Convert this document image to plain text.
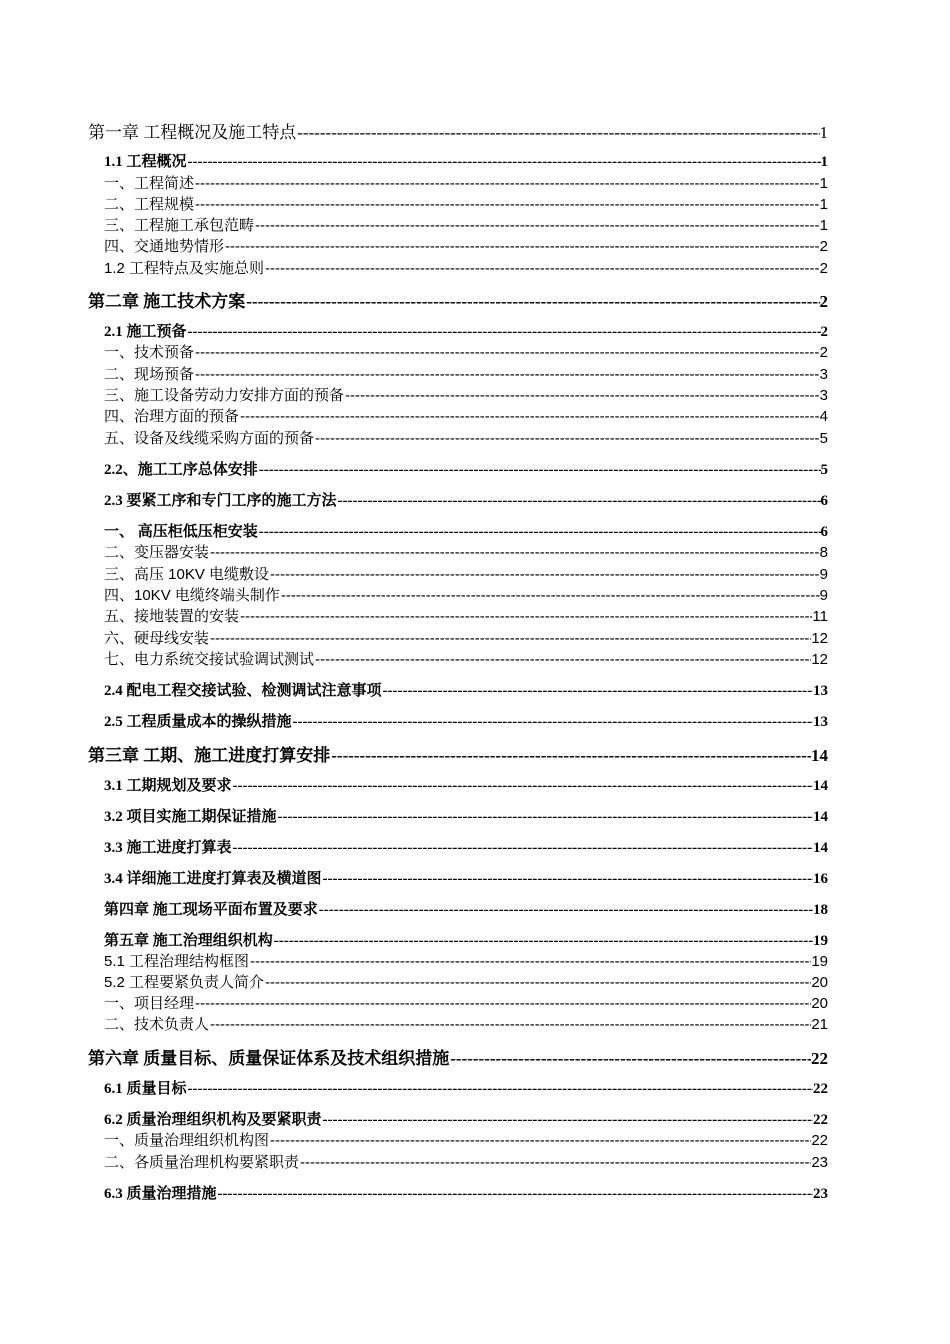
第一章 工程概况及施工特点 -----	1
1.1 工程概况 -----	1
一、工程简述 -----	1
二、工程规模 -----	1
三、工程施工承包范畴 -----	1
四、交通地势情形 -----	2
1.2 工程特点及实施总则 -----	2
第二章 施工技术方案 -----	2
2.1 施工预备 -----	2
一、技术预备 -----	2
二、现场预备 -----	3
三、施工设备劳动力安排方面的预备 -----	3
四、治理方面的预备 -----	4
五、设备及线缆采购方面的预备 -----	5
2.2、施工工序总体安排 -----	5
2.3 要紧工序和专门工序的施工方法 -----	6
一、 高压柜低压柜安装 -----	6
二、变压器安装 -----	8
三、高压 10KV 电缆敷设 -----	9
四、10KV 电缆终端头制作 -----	9
五、接地装置的安装 -----	11
六、硬母线安装 -----	12
七、电力系统交接试验调试测试 -----	12
2.4 配电工程交接试验、检测调试注意事项 -----	13
2.5 工程质量成本的操纵措施 -----	13
第三章 工期、施工进度打算安排 -----	14
3.1 工期规划及要求 -----	14
3.2 项目实施工期保证措施 -----	14
3.3 施工进度打算表 -----	14
3.4 详细施工进度打算表及横道图 -----	16
第四章 施工现场平面布置及要求 -----	18
第五章 施工治理组织机构 -----	19
5.1 工程治理结构框图 -----	19
5.2 工程要紧负责人简介 -----	20
一、项目经理 -----	20
二、技术负责人 -----	21
第六章 质量目标、质量保证体系及技术组织措施 -----	22
6.1 质量目标 -----	22
6.2 质量治理组织机构及要紧职责 -----	22
一、质量治理组织机构图 -----	22
二、各质量治理机构要紧职责 -----	23
6.3 质量治理措施 -----	23
